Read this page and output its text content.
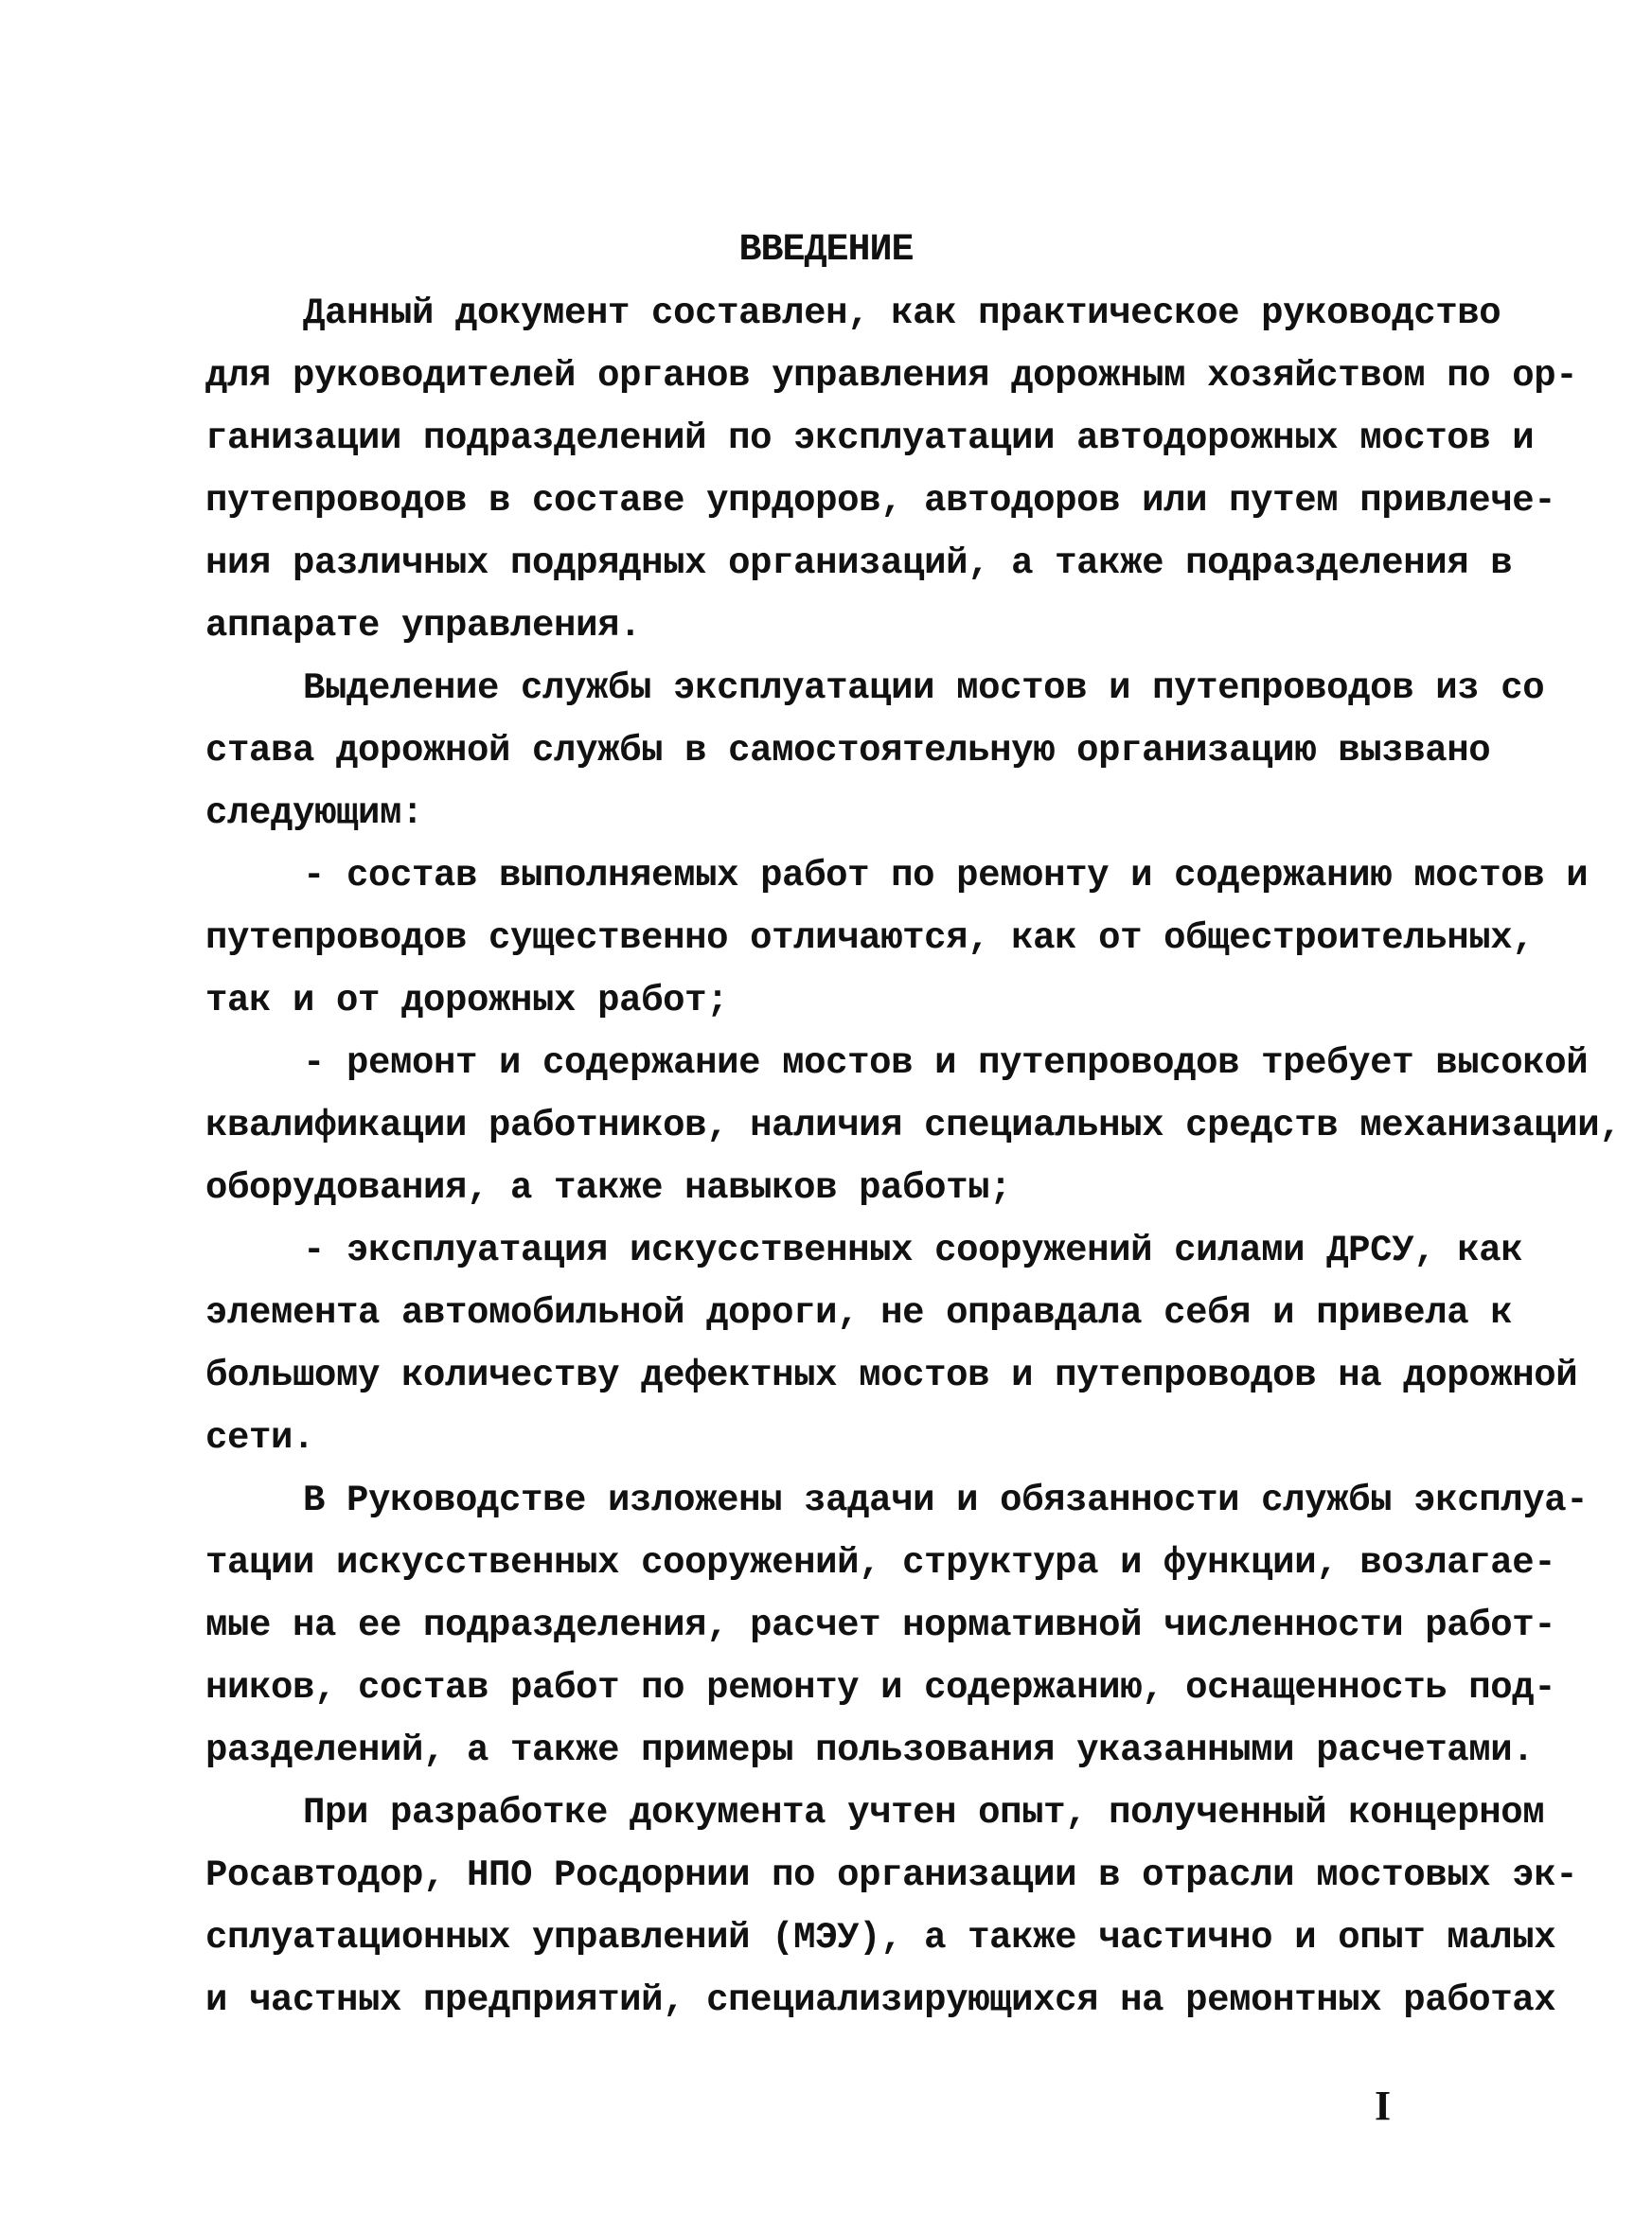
ВВЕДЕНИЕ
Данный документ составлен, как практическое руководство
для руководителей органов управления дорожным хозяйством по ор-
ганизации подразделений по эксплуатации автодорожных мостов и
путепроводов в составе упрдоров, автодоров или путем привлече-
ния различных подрядных организаций, а также подразделения в
аппарате управления.
Выделение службы эксплуатации мостов и путепроводов из со
става дорожной службы в самостоятельную организацию вызвано
следующим:
- состав выполняемых работ по ремонту и содержанию мостов и
путепроводов существенно отличаются, как от общестроительных,
так и от дорожных работ;
- ремонт и содержание мостов и путепроводов требует высокой
квалификации работников, наличия специальных средств механизации,
оборудования, а также навыков работы;
- эксплуатация искусственных сооружений силами ДРСУ, как
элемента автомобильной дороги, не оправдала себя и привела к
большому количеству дефектных мостов и путепроводов на дорожной
сети.
В Руководстве изложены задачи и обязанности службы эксплуа-
тации искусственных сооружений, структура и функции, возлагае-
мые на ее подразделения, расчет нормативной численности работ-
ников, состав работ по ремонту и содержанию, оснащенность под-
разделений, а также примеры пользования указанными расчетами.
При разработке документа учтен опыт, полученный концерном
Росавтодор, НПО Росдорнии по организации в отрасли мостовых эк-
сплуатационных управлений (МЭУ), а также частично и опыт малых
и частных предприятий, специализирующихся на ремонтных работах
I
